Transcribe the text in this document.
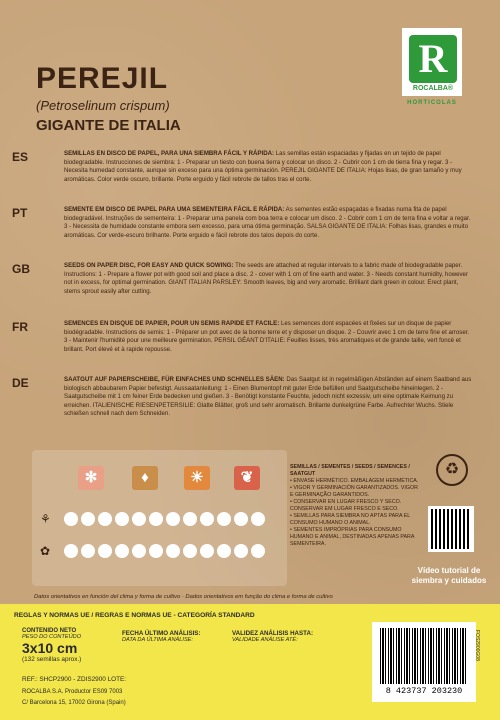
PEREJIL
(Petroselinum crispum)
GIGANTE DE ITALIA
R
ROCALBA®
HORTICOLAS
ES	SEMILLAS EN DISCO DE PAPEL, PARA UNA SIEMBRA FÁCIL Y RÁPIDA: Las semillas están espaciadas y fijadas en un tejido de papel biodegradable. Instrucciones de siembra: 1 - Preparar un tiesto con buena tierra y colocar un disco. 2 - Cubrir con 1 cm de tierra fina y regar. 3 - Necesita humedad constante, aunque sin exceso para una óptima germinación. PEREJIL GIGANTE DE ITALIA: Hojas lisas, de gran tamaño y muy aromáticas. Color verde oscuro, brillante. Porte erguido y fácil rebrote de tallos tras el corte.
PT	SEMENTE EM DISCO DE PAPEL PARA UMA SEMENTEIRA FÁCIL E RÁPIDA: As sementes estão espaçadas e fixadas numa fita de papel biodegradável. Instruções de sementeira: 1 - Preparar uma panela com boa terra e colocar um disco. 2 - Cobrir com 1 cm de terra fina e voltar a regar. 3 - Necessita de humidade constante embora sem excesso, para uma ótima germinação. SALSA GIGANTE DE ITALIA: Folhas lisas, grandes e muito aromáticas. Cor verde-escuro brilhante. Porte erguido e fácil rebrote dos talos depois do corte.
GB	SEEDS ON PAPER DISC, FOR EASY AND QUICK SOWING: The seeds are attached at regular intervals to a fabric made of biodegradable paper. Instructions: 1 - Prepare a flower pot with good soil and place a disc. 2 - cover with 1 cm of fine earth and water. 3 - Needs constant humidity, however not in excess, for optimal germination. GIANT ITALIAN PARSLEY: Smooth leaves, big and very aromatic. Brilliant dark green in colour. Erect plant, stems sprout easily after cutting.
FR	SEMENCES EN DISQUE DE PAPIER, POUR UN SEMIS RAPIDE ET FACILE: Les semences dont espacées et fixées sur un disque de papier biodégradable. Instructions de semis: 1 - Préparer un pot avec de la bonne terre et y disposer un disque. 2 - Couvrir avec 1 cm de terre fine et arroser. 3 - Maintenir l'humidité pour une meilleure germination. PERSIL GÉANT D'ITALIE: Feuilles lisses, très aromatiques et de grande taille, vert foncé et brillant. Port élevé et à rapide repousse.
DE	SAATGUT AUF PAPIERSCHEIBE, FÜR EINFACHES UND SCHNELLES SÄEN: Das Saatgut ist in regelmäßigen Abständen auf einem Saatband aus biologisch abbaubarem Papier befestigt. Aussaatanleitung: 1 - Einen Blumentopf mit guter Erde befüllen und Saatgutscheibe hineinlegen. 2 - Saatgutscheibe mit 1 cm feiner Erde bedecken und gießen. 3 - Benötigt konstante Feuchte, jedoch nicht exzessiv, um eine optimale Keimung zu erreichen. ITALIENISCHE RIESENPETERSILIE: Glatte Blätter, groß und sehr aromatisch. Brillante dunkelgrüne Farbe. Aufrechter Wuchs. Stiele schießen schnell nach dem Schneiden.
✻	♦	☀	❦
⚘
✿
SEMILLAS / SEMENTES / SEEDS / SEMENCES / SAATGUT
• ENVASE HERMÉTICO. EMBALAGEM HERMÉTICA.
• VIGOR Y GERMINACIÓN GARANTIZADOS. VIGOR E GERMINAÇÃO GARANTIDOS.
• CONSERVAR EN LUGAR FRESCO Y SECO. CONSERVAR EM LUGAR FRESCO E SECO.
• SEMILLAS PARA SIEMBRA NO APTAS PARA EL CONSUMO HUMANO O ANIMAL.
• SEMENTES IMPRÓPRIAS PARA CONSUMO HUMANO E ANIMAL, DESTINADAS APENAS PARA SEMENTEIRA.
♻
Vídeo tutorial de siembra y cuidados
Datos orientativos en función del clima y forma de cultivo · Dados orientativos em função do clima e forma de cultivo
REGLAS Y NORMAS UE / REGRAS E NORMAS UE - CATEGORÍA STANDARD
CONTENIDO NETO
PESO DO CONTEÚDO
3x10 cm
(132 semillas aprox.)
FECHA ÚLTIMO ANÁLISIS:
DATA DA ÚLTIMA ANÁLISE:
VALIDEZ ANÁLISIS HASTA:
VALIDADE ANÁLISE ATÉ:
REF.: SHCP2900 - ZDIS2900 LOTE:
ROCALBA S.A. Productor ES09 7003
C/ Barcelona 15, 17002 Girona (Spain)
8 423737 203230
FOS2900G08
